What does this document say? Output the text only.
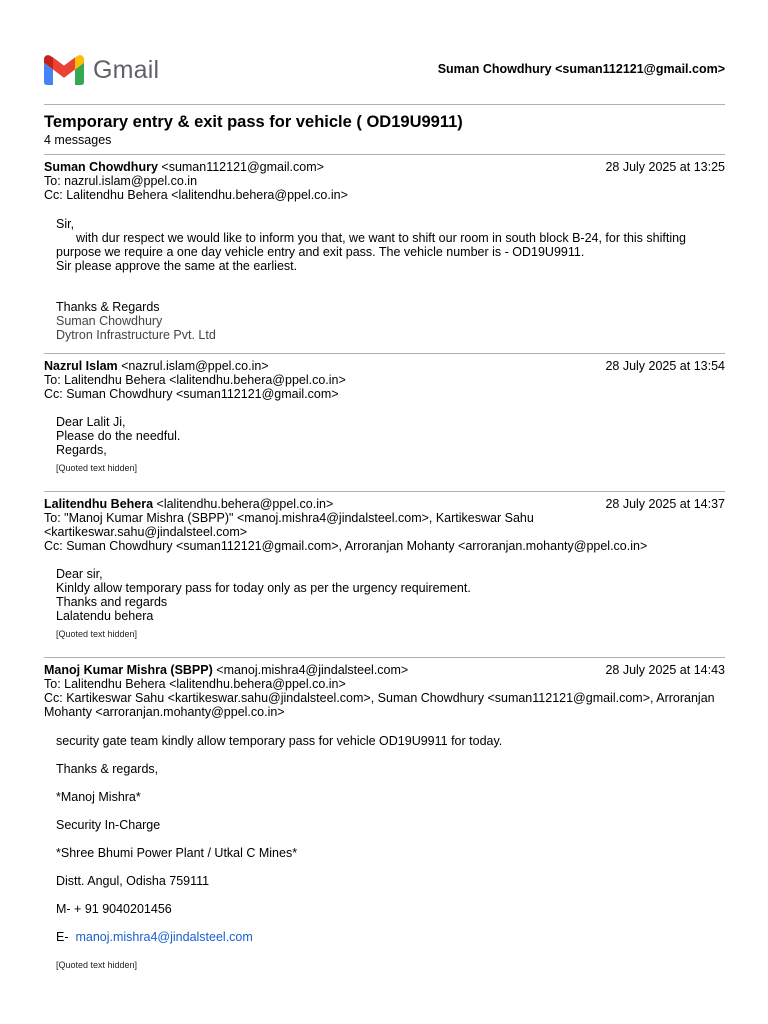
Gmail	Suman Chowdhury <suman112121@gmail.com>
Temporary entry & exit pass for vehicle ( OD19U9911)
4 messages
Suman Chowdhury <suman112121@gmail.com>	28 July 2025 at 13:25
To: nazrul.islam@ppel.co.in
Cc: Lalitendhu Behera <lalitendhu.behera@ppel.co.in>
Sir,
with dur respect we would like to inform you that, we want to shift our room in south block B-24, for this shifting
purpose we require a one day vehicle entry and exit pass. The vehicle number is - OD19U9911.
Sir please approve the same at the earliest.
Thanks & Regards
Suman Chowdhury
Dytron Infrastructure Pvt. Ltd
Nazrul Islam <nazrul.islam@ppel.co.in>	28 July 2025 at 13:54
To: Lalitendhu Behera <lalitendhu.behera@ppel.co.in>
Cc: Suman Chowdhury <suman112121@gmail.com>
Dear Lalit Ji,
Please do the needful.
Regards,
[Quoted text hidden]
Lalitendhu Behera <lalitendhu.behera@ppel.co.in>	28 July 2025 at 14:37
To: "Manoj Kumar Mishra (SBPP)" <manoj.mishra4@jindalsteel.com>, Kartikeswar Sahu
<kartikeswar.sahu@jindalsteel.com>
Cc: Suman Chowdhury <suman112121@gmail.com>, Arroranjan Mohanty <arroranjan.mohanty@ppel.co.in>
Dear sir,
Kinldy allow temporary pass for today only as per the urgency requirement.
Thanks and regards
Lalatendu behera
[Quoted text hidden]
Manoj Kumar Mishra (SBPP) <manoj.mishra4@jindalsteel.com>	28 July 2025 at 14:43
To: Lalitendhu Behera <lalitendhu.behera@ppel.co.in>
Cc: Kartikeswar Sahu <kartikeswar.sahu@jindalsteel.com>, Suman Chowdhury <suman112121@gmail.com>, Arroranjan
Mohanty <arroranjan.mohanty@ppel.co.in>
security gate team kindly allow temporary pass for vehicle OD19U9911 for today.
Thanks & regards,
*Manoj Mishra*
Security In-Charge
*Shree Bhumi Power Plant / Utkal C Mines*
Distt. Angul, Odisha 759111
M- + 91 9040201456
E- manoj.mishra4@jindalsteel.com
[Quoted text hidden]
